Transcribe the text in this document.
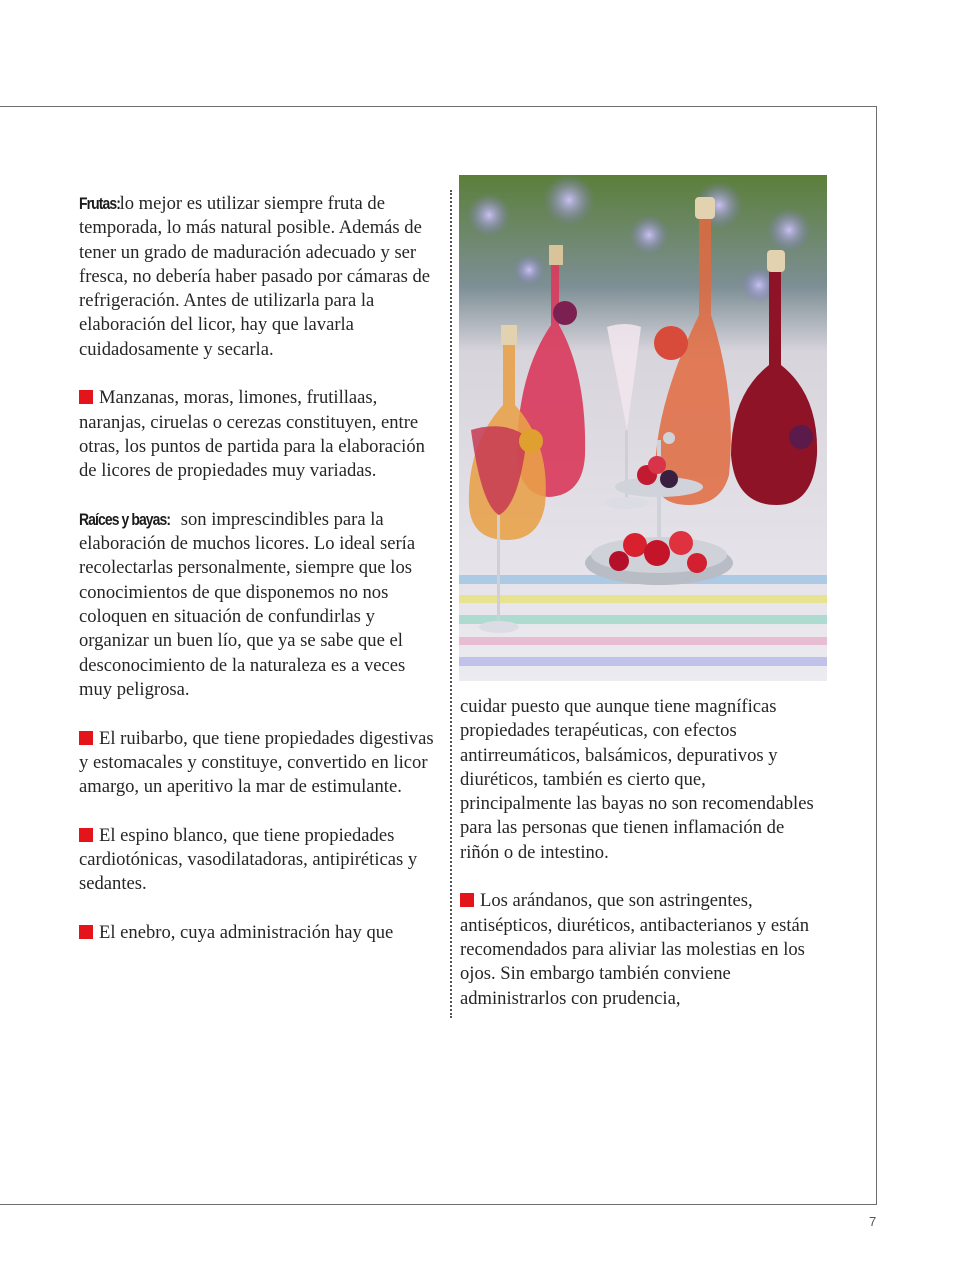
Frutas: lo mejor es utilizar siempre fruta de temporada, lo más natural posible. Además de tener un grado de maduración adecuado y ser fresca, no debería haber pasado por cámaras de refrigeración. Antes de utilizarla para la elaboración del licor, hay que lavarla cuidadosamente y secarla.

Manzanas, moras, limones, frutillaas, naranjas, ciruelas o cerezas constituyen, entre otras, los puntos de partida para la elaboración de licores de propiedades muy variadas.

Raíces y bayas: son imprescindibles para la elaboración de muchos licores. Lo ideal sería recolectarlas personalmente, siempre que los conocimientos de que disponemos no nos coloquen en situación de confundirlas y organizar un buen lío, que ya se sabe que el desconocimiento de la naturaleza es a veces muy peligrosa.

El ruibarbo, que tiene propiedades digestivas y estomacales y constituye, convertido en licor amargo, un aperitivo la mar de estimulante.

El espino blanco, que tiene propiedades cardiotónicas, vasodilatadoras, antipiréticas y sedantes.

El enebro, cuya administración hay que

cuidar puesto que aunque tiene magníficas propiedades terapéuticas, con efectos antirreumáticos, balsámicos, depurativos y diuréticos, también es cierto que, principalmente las bayas no son recomendables para las personas que tienen inflamación de riñón o de intestino.

Los arándanos, que son astringentes, antisépticos, diuréticos, antibacterianos y están recomendados para aliviar las molestias en los ojos. Sin embargo también conviene administrarlos con prudencia,

7
